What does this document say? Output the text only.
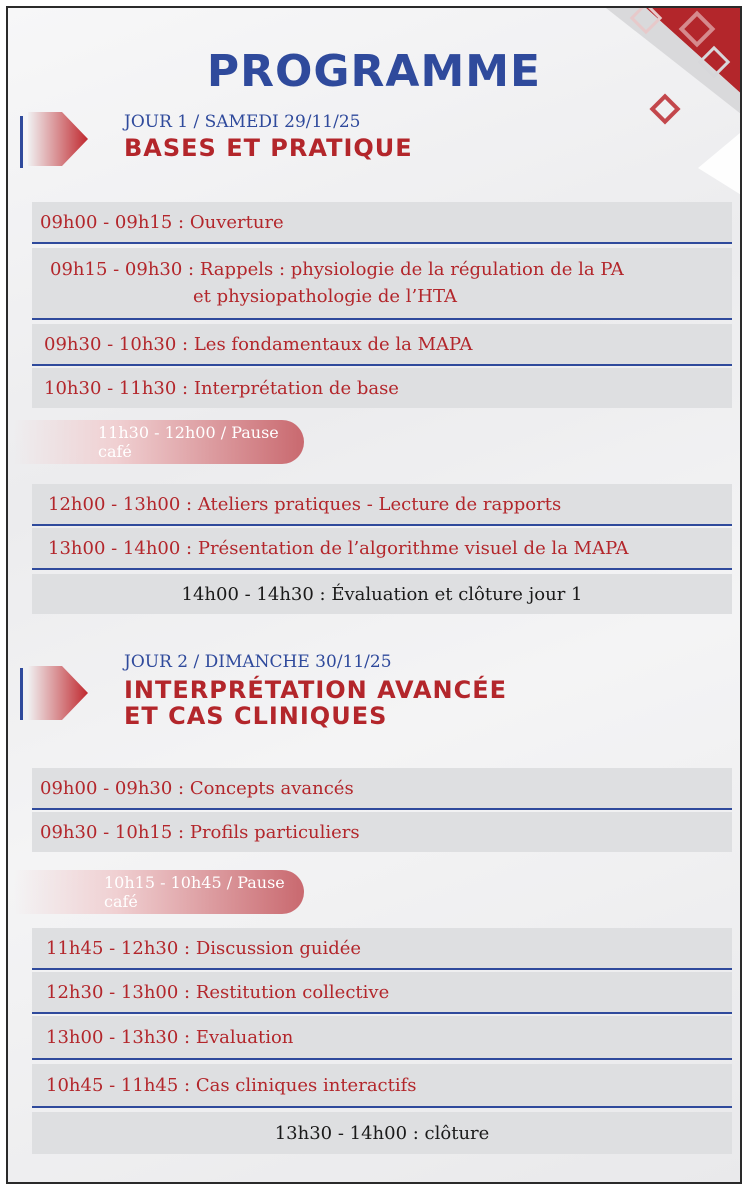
PROGRAMME
JOUR 1 / SAMEDI 29/11/25
BASES ET PRATIQUE
09h00 - 09h15 : Ouverture
09h15 - 09h30 : Rappels : physiologie de la régulation de la PA
et physiopathologie de l’HTA
09h30 - 10h30 : Les fondamentaux de la MAPA
10h30 - 11h30 : Interprétation de base
11h30 - 12h00 / Pause café
12h00 - 13h00 : Ateliers pratiques - Lecture de rapports
13h00 - 14h00 : Présentation de l’algorithme visuel de la MAPA
14h00 - 14h30 : Évaluation et clôture jour 1
JOUR 2 / DIMANCHE 30/11/25
INTERPRÉTATION AVANCÉE
ET CAS CLINIQUES
09h00 - 09h30 : Concepts avancés
09h30 - 10h15 : Profils particuliers
10h15 - 10h45 / Pause café
11h45 - 12h30 : Discussion guidée
12h30 - 13h00 : Restitution collective
13h00 - 13h30 : Evaluation
10h45 - 11h45 : Cas cliniques interactifs
13h30 - 14h00 : clôture
